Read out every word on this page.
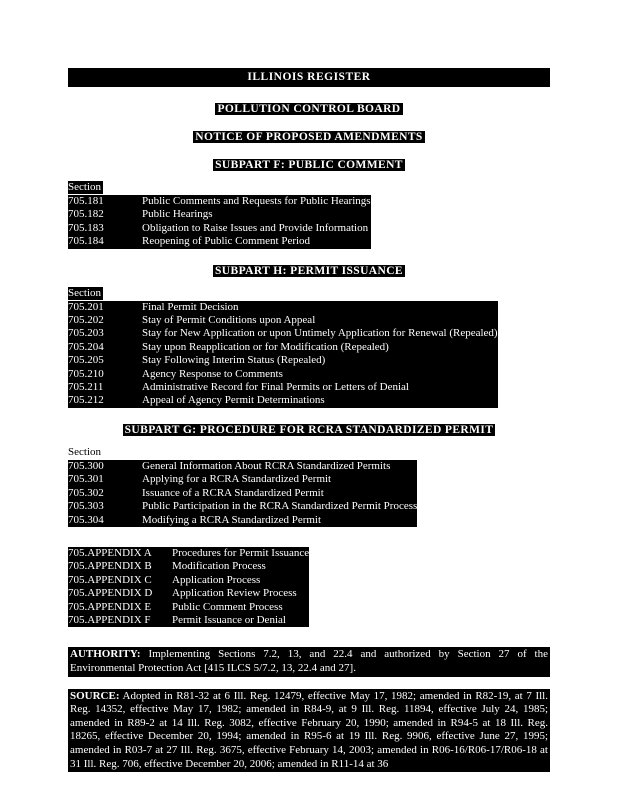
ILLINOIS REGISTER
POLLUTION CONTROL BOARD
NOTICE OF PROPOSED AMENDMENTS
SUBPART F: PUBLIC COMMENT
Section
705.181	Public Comments and Requests for Public Hearings
705.182	Public Hearings
705.183	Obligation to Raise Issues and Provide Information
705.184	Reopening of Public Comment Period
SUBPART H: PERMIT ISSUANCE
Section
705.201	Final Permit Decision
705.202	Stay of Permit Conditions upon Appeal
705.203	Stay for New Application or upon Untimely Application for Renewal (Repealed)
705.204	Stay upon Reapplication or for Modification (Repealed)
705.205	Stay Following Interim Status (Repealed)
705.210	Agency Response to Comments
705.211	Administrative Record for Final Permits or Letters of Denial
705.212	Appeal of Agency Permit Determinations
SUBPART G: PROCEDURE FOR RCRA STANDARDIZED PERMIT
Section
705.300	General Information About RCRA Standardized Permits
705.301	Applying for a RCRA Standardized Permit
705.302	Issuance of a RCRA Standardized Permit
705.303	Public Participation in the RCRA Standardized Permit Process
705.304	Modifying a RCRA Standardized Permit
705.APPENDIX A	Procedures for Permit Issuance
705.APPENDIX B	Modification Process
705.APPENDIX C	Application Process
705.APPENDIX D	Application Review Process
705.APPENDIX E	Public Comment Process
705.APPENDIX F	Permit Issuance or Denial
AUTHORITY: Implementing Sections 7.2, 13, and 22.4 and authorized by Section 27 of the Environmental Protection Act [415 ILCS 5/7.2, 13, 22.4 and 27].
SOURCE: Adopted in R81-32 at 6 Ill. Reg. 12479, effective May 17, 1982; amended in R82-19, at 7 Ill. Reg. 14352, effective May 17, 1982; amended in R84-9, at 9 Ill. Reg. 11894, effective July 24, 1985; amended in R89-2 at 14 Ill. Reg. 3082, effective February 20, 1990; amended in R94-5 at 18 Ill. Reg. 18265, effective December 20, 1994; amended in R95-6 at 19 Ill. Reg. 9906, effective June 27, 1995; amended in R03-7 at 27 Ill. Reg. 3675, effective February 14, 2003; amended in R06-16/R06-17/R06-18 at 31 Ill. Reg. 706, effective December 20, 2006; amended in R11-14 at 36
